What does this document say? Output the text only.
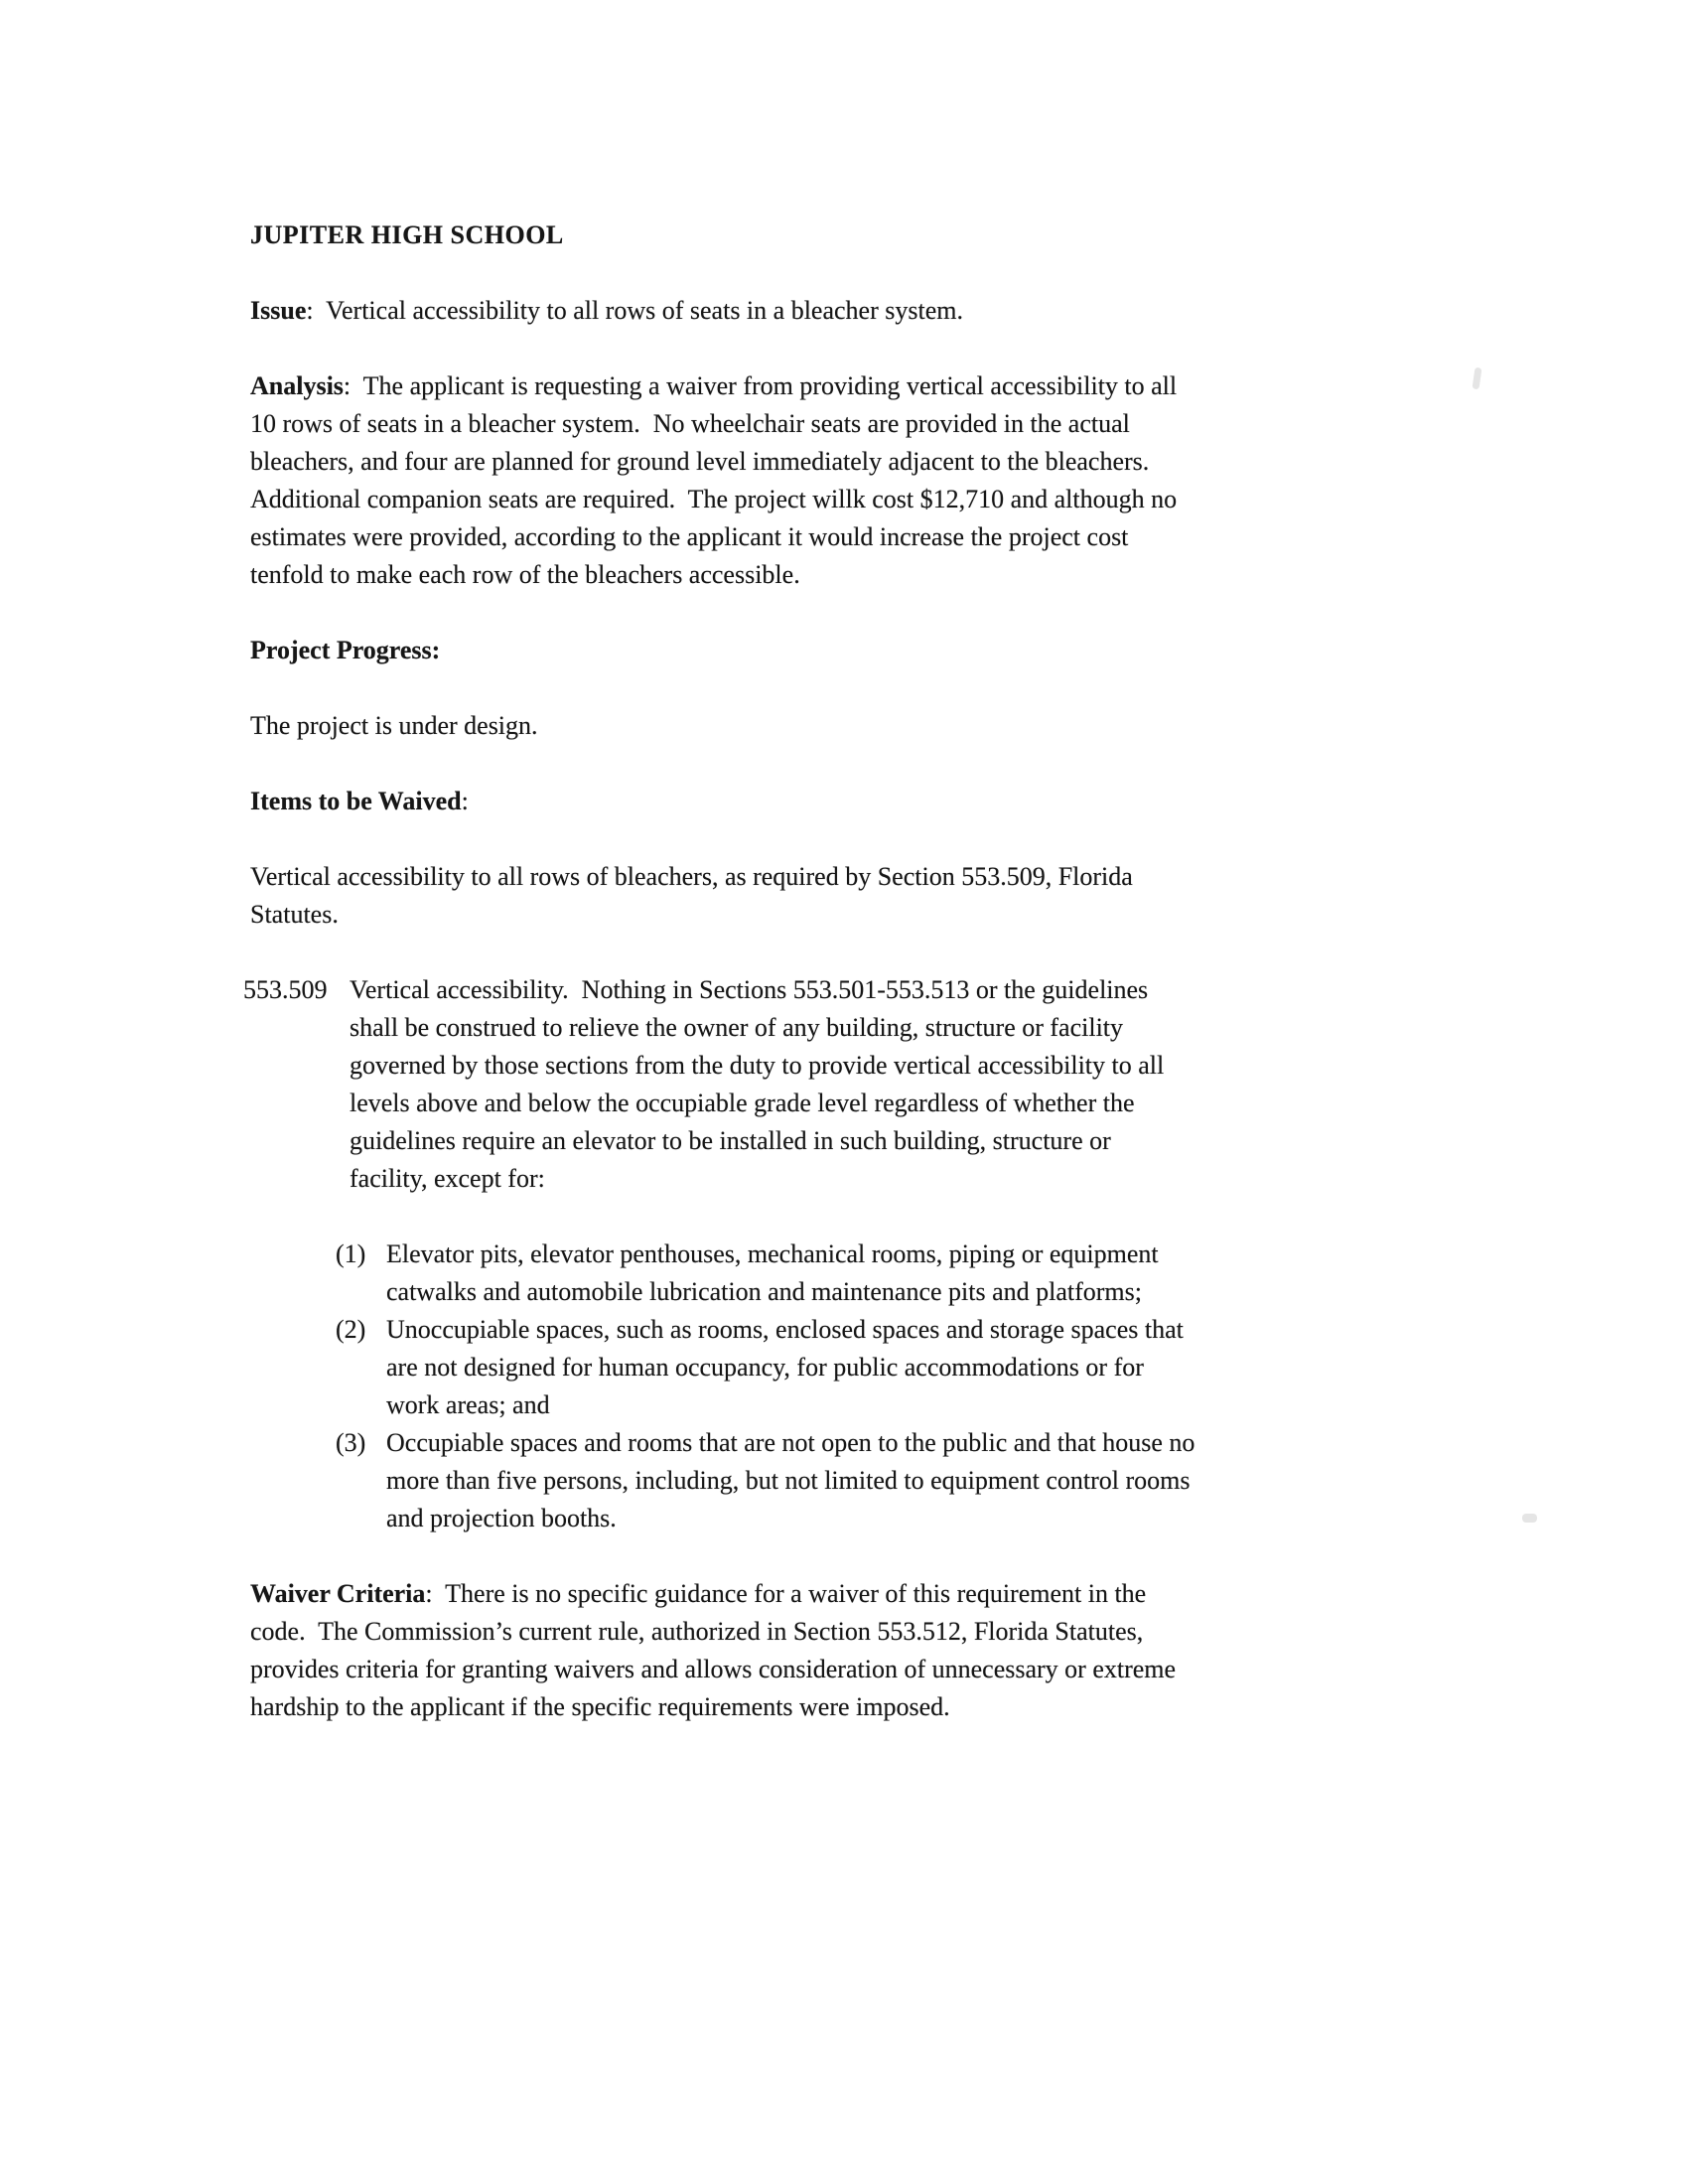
JUPITER HIGH SCHOOL
Issue:  Vertical accessibility to all rows of seats in a bleacher system.
Analysis:  The applicant is requesting a waiver from providing vertical accessibility to all
10 rows of seats in a bleacher system.  No wheelchair seats are provided in the actual
bleachers, and four are planned for ground level immediately adjacent to the bleachers.
Additional companion seats are required.  The project willk cost $12,710 and although no
estimates were provided, according to the applicant it would increase the project cost
tenfold to make each row of the bleachers accessible.
Project Progress:
The project is under design.
Items to be Waived:
Vertical accessibility to all rows of bleachers, as required by Section 553.509, Florida
Statutes.
553.509 Vertical accessibility.  Nothing in Sections 553.501-553.513 or the guidelines
shall be construed to relieve the owner of any building, structure or facility
governed by those sections from the duty to provide vertical accessibility to all
levels above and below the occupiable grade level regardless of whether the
guidelines require an elevator to be installed in such building, structure or
facility, except for:
(1) Elevator pits, elevator penthouses, mechanical rooms, piping or equipment
catwalks and automobile lubrication and maintenance pits and platforms;
(2) Unoccupiable spaces, such as rooms, enclosed spaces and storage spaces that
are not designed for human occupancy, for public accommodations or for
work areas; and
(3) Occupiable spaces and rooms that are not open to the public and that house no
more than five persons, including, but not limited to equipment control rooms
and projection booths.
Waiver Criteria:  There is no specific guidance for a waiver of this requirement in the
code.  The Commission’s current rule, authorized in Section 553.512, Florida Statutes,
provides criteria for granting waivers and allows consideration of unnecessary or extreme
hardship to the applicant if the specific requirements were imposed.
